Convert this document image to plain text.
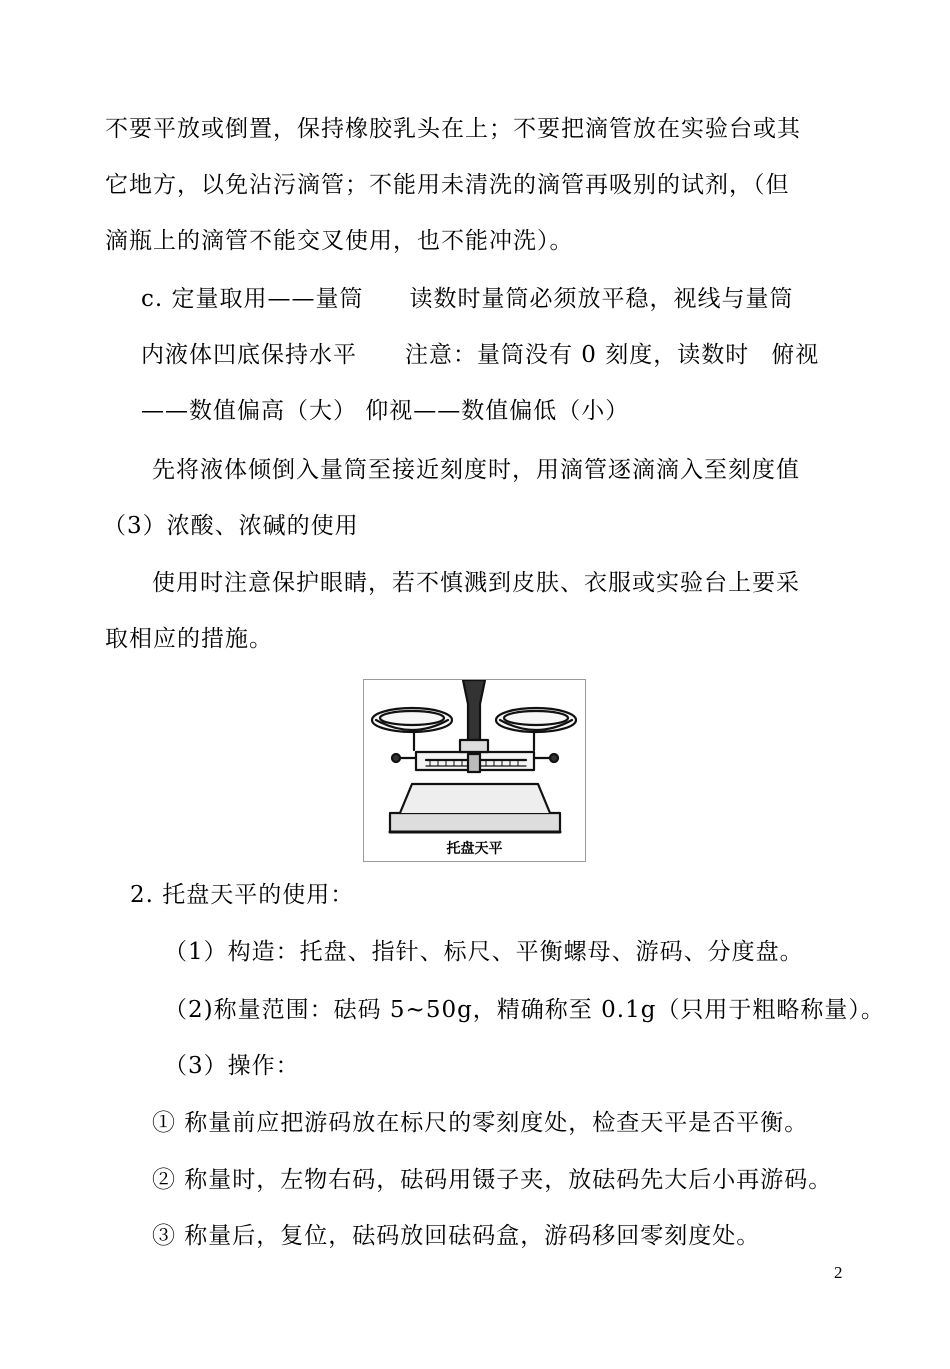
不要平放或倒置，保持橡胶乳头在上；不要把滴管放在实验台或其
它地方，以免沾污滴管；不能用未清洗的滴管再吸别的试剂，（但
滴瓶上的滴管不能交叉使用，也不能冲洗）。
c. 定量取用——量筒 读数时量筒必须放平稳，视线与量筒
内液体凹底保持水平 注意：量筒没有 0 刻度，读数时 俯视
——数值偏高（大） 仰视——数值偏低（小）
先将液体倾倒入量筒至接近刻度时，用滴管逐滴滴入至刻度值
（3）浓酸、浓碱的使用
使用时注意保护眼睛，若不慎溅到皮肤、衣服或实验台上要采
取相应的措施。
托盘天平
2. 托盘天平的使用：
（1）构造：托盘、指针、标尺、平衡螺母、游码、分度盘。
（2)称量范围：砝码 5~50g，精确称至 0.1g（只用于粗略称量）。
（3）操作：
① 称量前应把游码放在标尺的零刻度处，检查天平是否平衡。
② 称量时，左物右码，砝码用镊子夹，放砝码先大后小再游码。
③ 称量后，复位，砝码放回砝码盒，游码移回零刻度处。
2
